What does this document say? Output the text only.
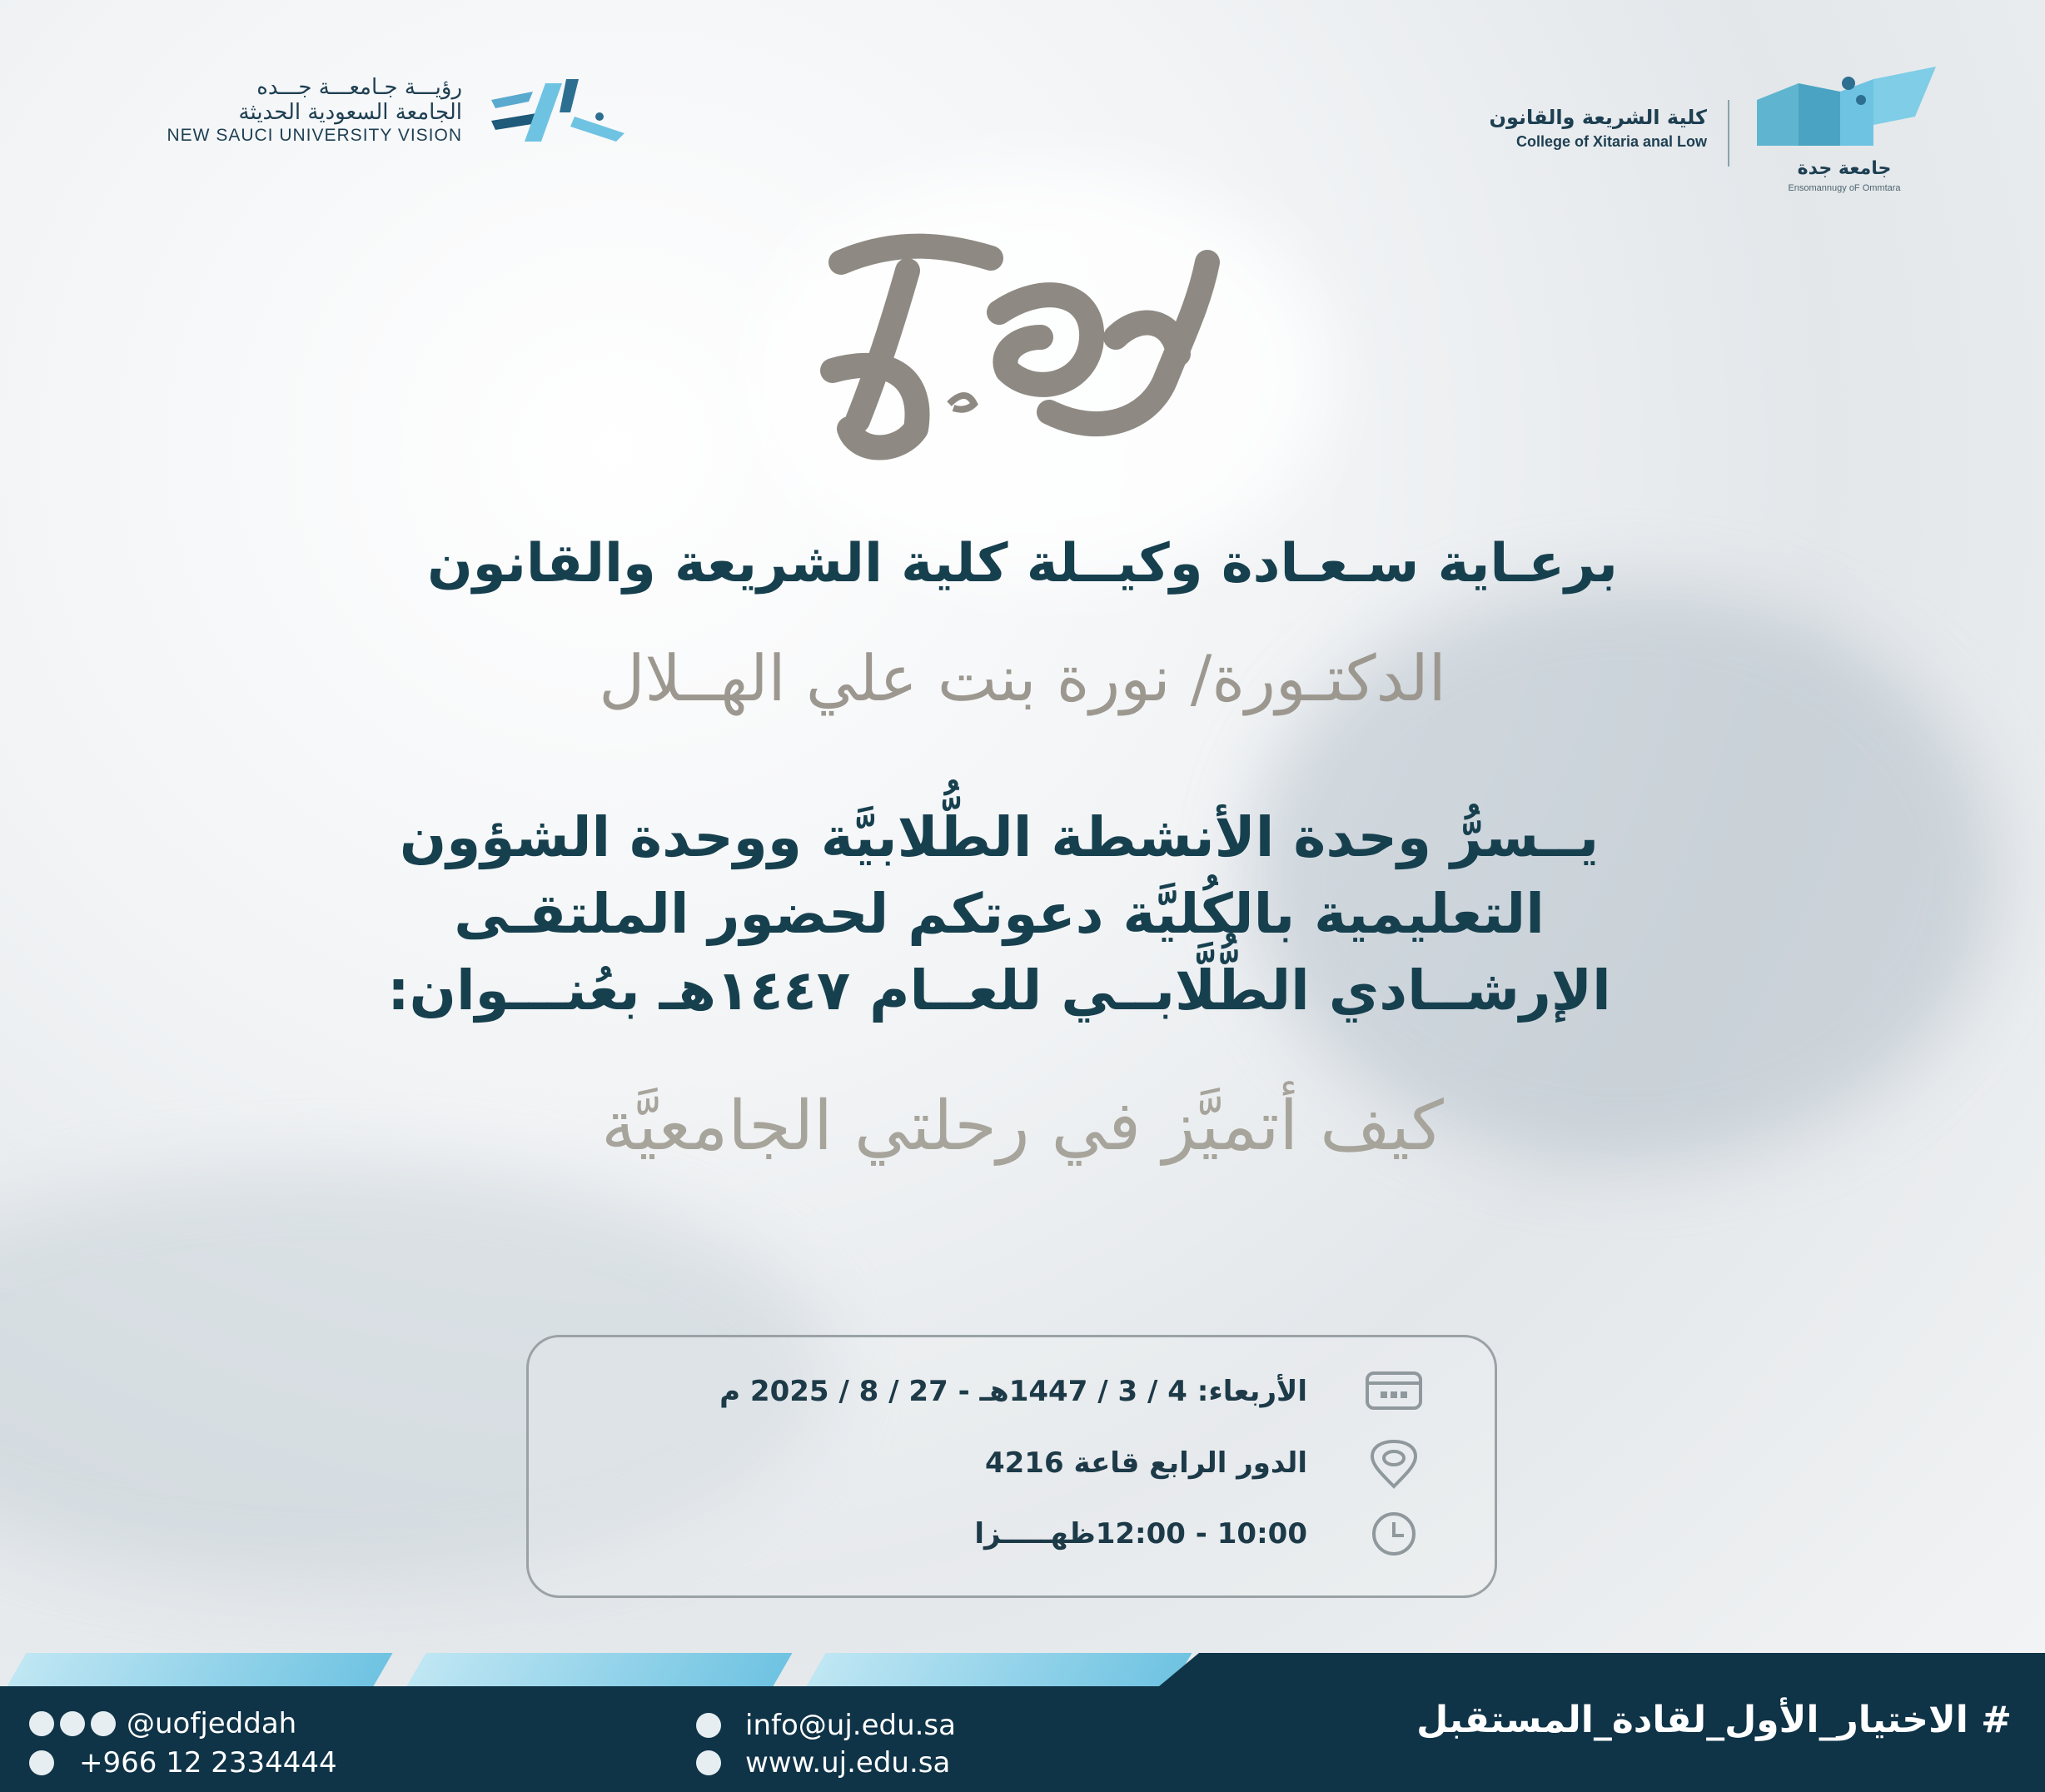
رؤيـــة جـامعـــة جـــده
الجامعة السعودية الحديثة
NEW SAUCI UNIVERSITY VISION
كلية الشريعة والقانون
College of Xitaria anal Low
جامعة جدة
Ensomannugy oF Ommtara
برعـاية سـعـادة وكيــلة كلية الشريعة والقانون
الدكتـورة/ نورة بنت علي الهــلال
يــسرُّ وحدة الأنشطة الطُّلابيَّة ووحدة الشؤون
التعليمية بالكُليَّة دعوتكم لحضور الملتقـى
الإرشــادي الطُّلَّابــي للعــام ١٤٤٧هـ بعُنـــوان:
كيف أتميَّز في رحلتي الجامعيَّة
الأربعاء: 4 / 3 / 1447هـ - 27 / 8 / 2025 م
الدور الرابع قاعة 4216
10:00 - 12:00ظهـــــزا
@uofjeddah
+966 12 2334444
info@uj.edu.sa
www.uj.edu.sa
# الاختيار_الأول_لقادة_المستقبل
